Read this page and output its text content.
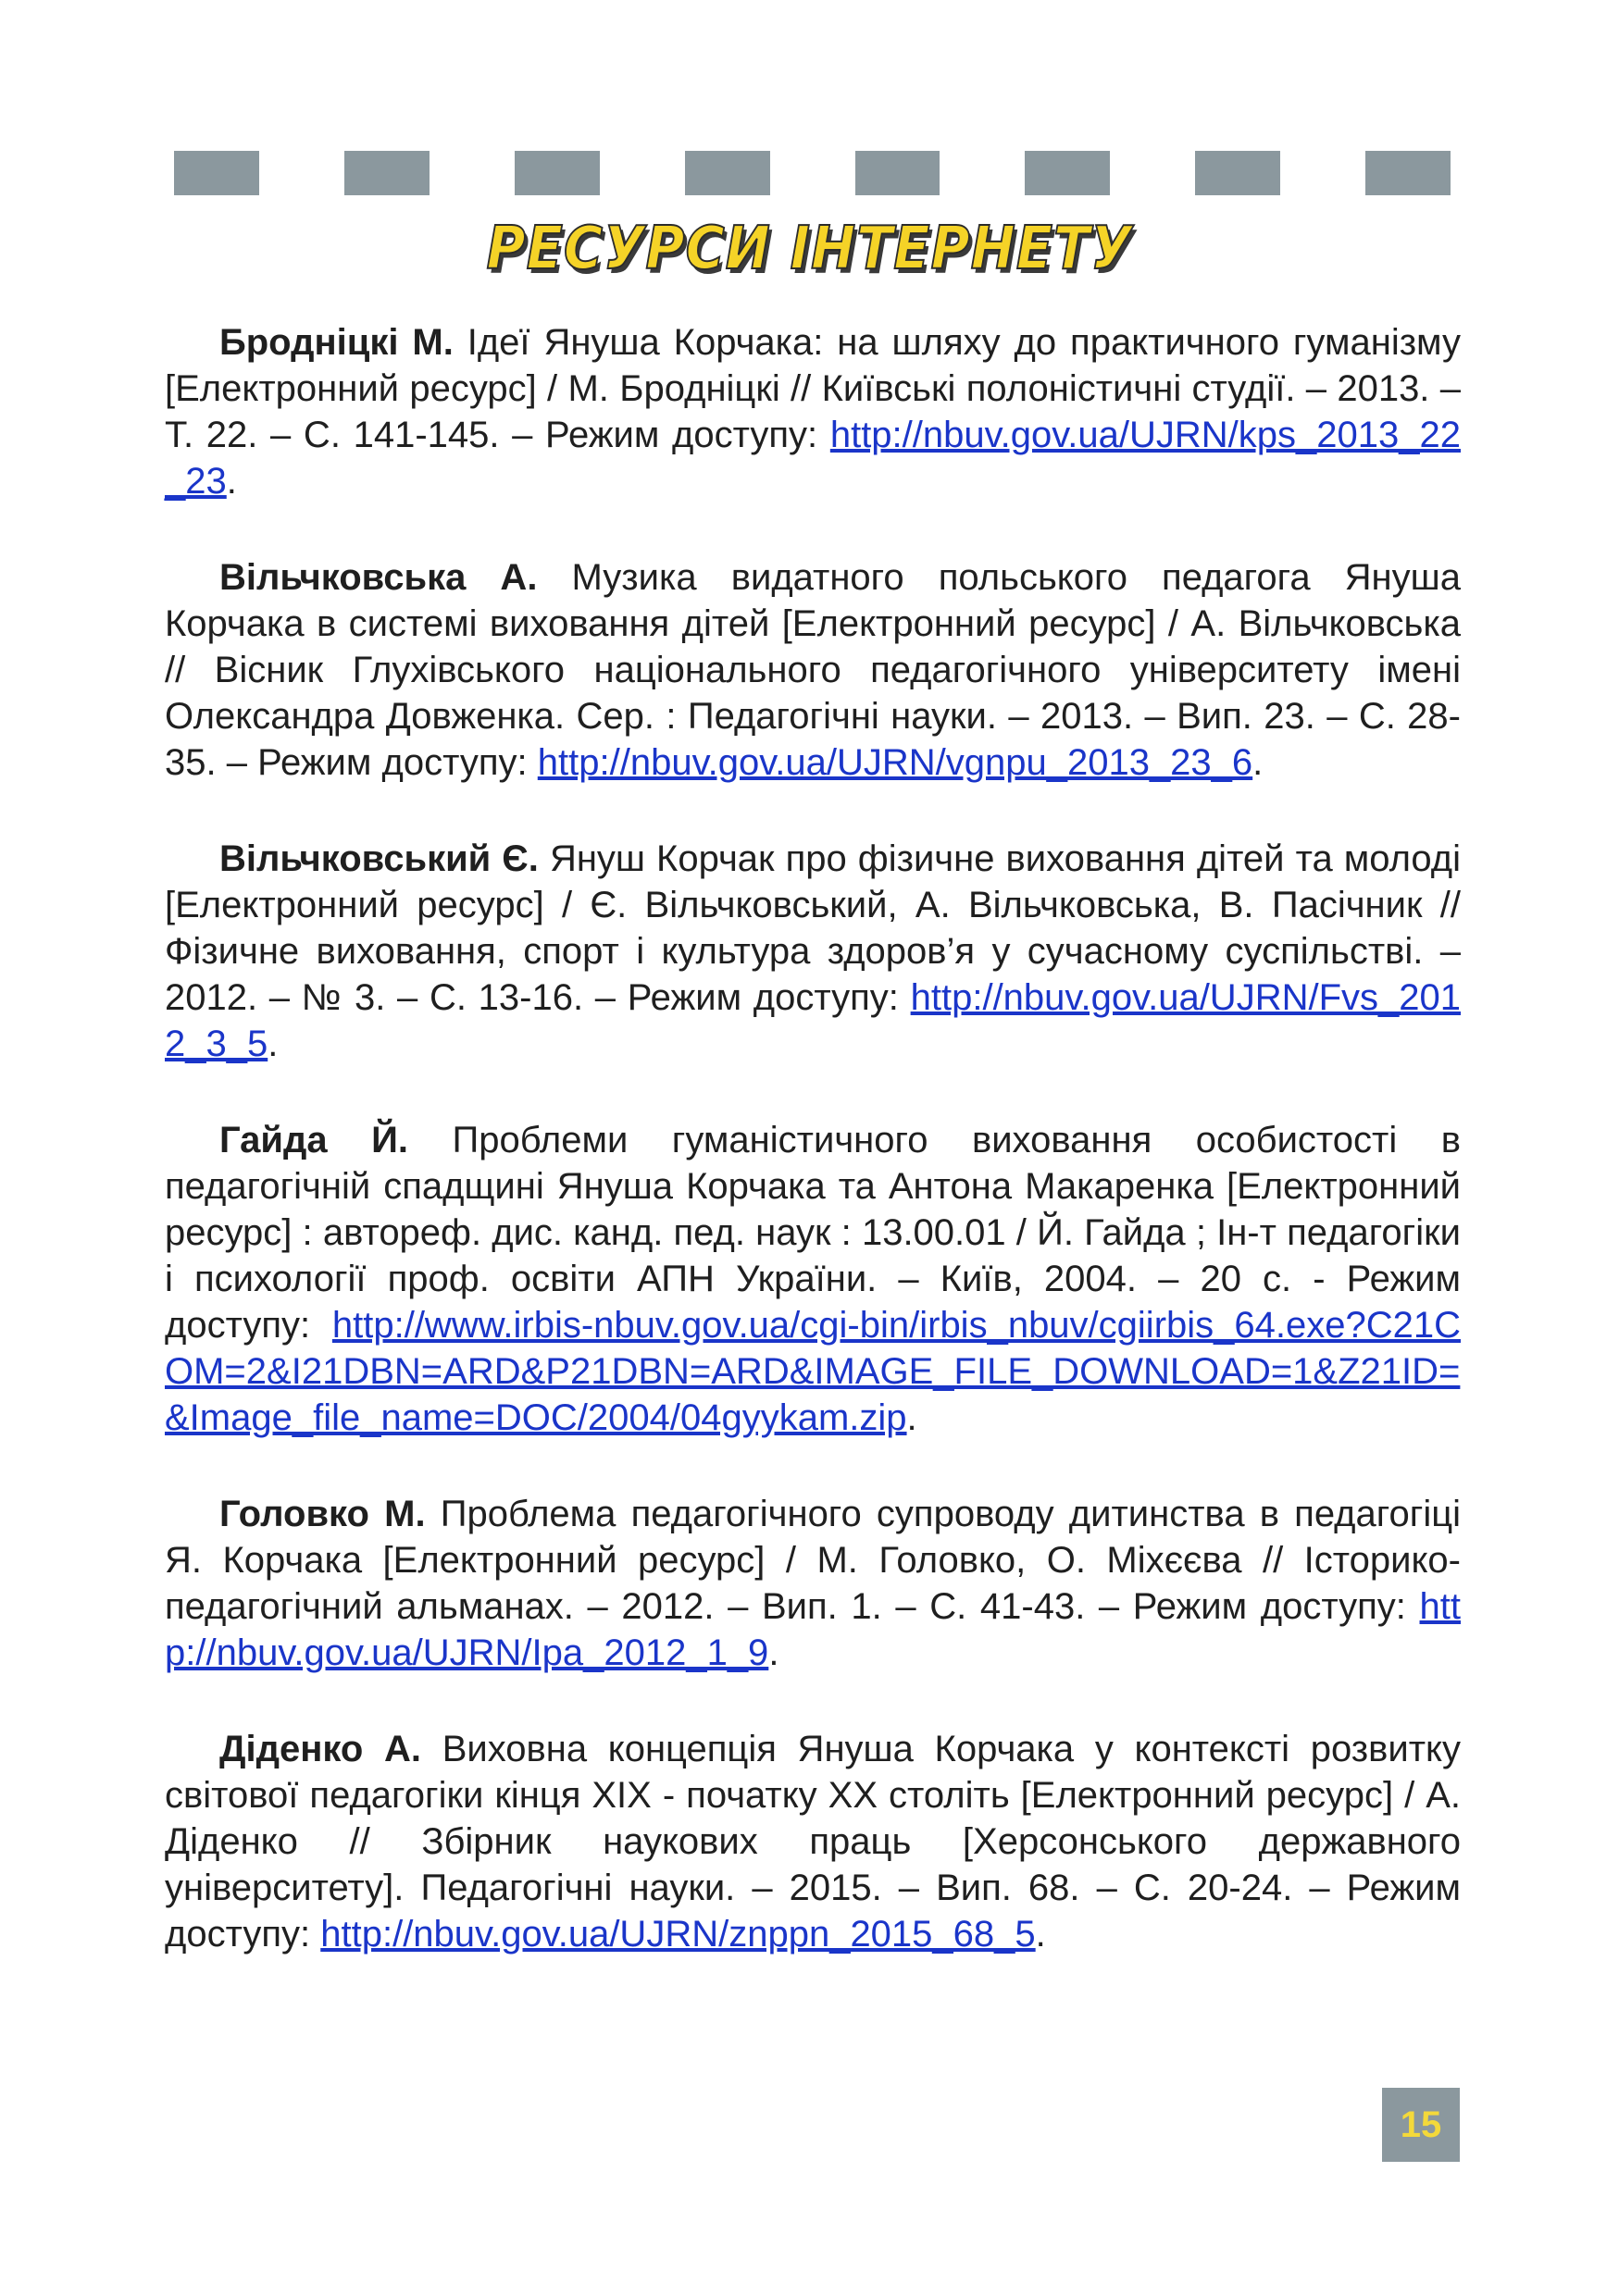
РЕСУРСИ ІНТЕРНЕТУ

Бродніцкі М. Ідеї Януша Корчака: на шляху до практичного гуманізму [Електронний ресурс] / М. Бродніцкі // Київські полоністичні студії. – 2013. – Т. 22. – С. 141-145. – Режим доступу: http://nbuv.gov.ua/UJRN/kps_2013_22_23.

Вільчковська А. Музика видатного польського педагога Януша Корчака в системі виховання дітей [Електронний ресурс] / А. Вільчковська // Вісник Глухівського національного педагогічного університету імені Олександра Довженка. Сер. : Педагогічні науки. – 2013. – Вип. 23. – С. 28-35. – Режим доступу: http://nbuv.gov.ua/UJRN/vgnpu_2013_23_6.

Вільчковський Є. Януш Корчак про фізичне виховання дітей та молоді [Електронний ресурс] / Є. Вільчковський, А. Вільчковська, В. Пасічник // Фізичне виховання, спорт і культура здоров’я у сучасному суспільстві. – 2012. – № 3. – С. 13-16. – Режим доступу: http://nbuv.gov.ua/UJRN/Fvs_2012_3_5.

Гайда Й. Проблеми гуманістичного виховання особистості в педагогічній спадщині Януша Корчака та Антона Макаренка [Електронний ресурс] : автореф. дис. канд. пед. наук : 13.00.01 / Й. Гайда ; Ін-т педагогіки і психології проф. освіти АПН України. – Київ, 2004. – 20 с. - Режим доступу: http://www.irbis-nbuv.gov.ua/cgi-bin/irbis_nbuv/cgiirbis_64.exe?C21COM=2&I21DBN=ARD&P21DBN=ARD&IMAGE_FILE_DOWNLOAD=1&Z21ID=&Image_file_name=DOC/2004/04gyykam.zip.

Головко М. Проблема педагогічного супроводу дитинства в педагогіці Я. Корчака [Електронний ресурс] / М. Головко, О. Міхєєва // Історико-педагогічний альманах. – 2012. – Вип. 1. – С. 41-43. – Режим доступу: http://nbuv.gov.ua/UJRN/Ipa_2012_1_9.

Діденко А. Виховна концепція Януша Корчака у контексті розвитку світової педагогіки кінця XIX - початку XX століть [Електронний ресурс] / А. Діденко // Збірник наукових праць [Херсонського державного університету]. Педагогічні науки. – 2015. – Вип. 68. – С. 20-24. – Режим доступу: http://nbuv.gov.ua/UJRN/znppn_2015_68_5.

15
